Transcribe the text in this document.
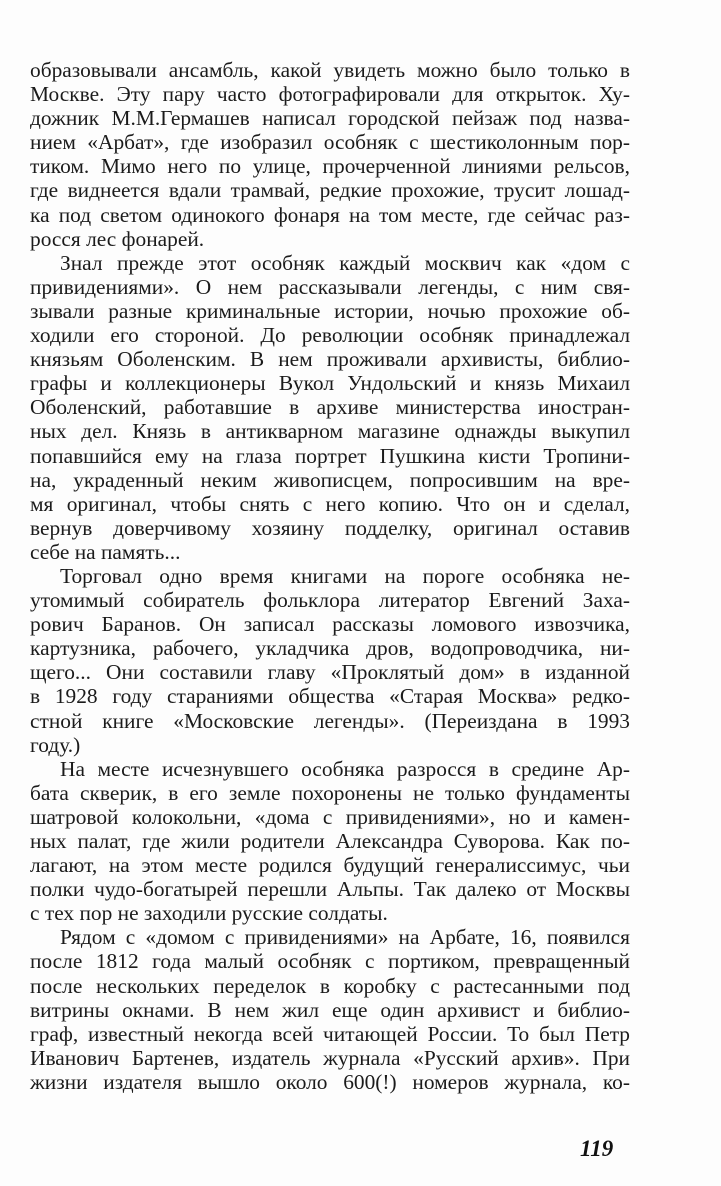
образовывали ансамбль, какой увидеть можно было только в
Москве. Эту пару часто фотографировали для открыток. Ху-
дожник М.М.Гермашев написал городской пейзаж под назва-
нием «Арбат», где изобразил особняк с шестиколонным пор-
тиком. Мимо него по улице, прочерченной линиями рельсов,
где виднеется вдали трамвай, редкие прохожие, трусит лошад-
ка под светом одинокого фонаря на том месте, где сейчас раз-
росся лес фонарей.
Знал прежде этот особняк каждый москвич как «дом с
привидениями». О нем рассказывали легенды, с ним свя-
зывали разные криминальные истории, ночью прохожие об-
ходили его стороной. До революции особняк принадлежал
князьям Оболенским. В нем проживали архивисты, библио-
графы и коллекционеры Вукол Ундольский и князь Михаил
Оболенский, работавшие в архиве министерства иностран-
ных дел. Князь в антикварном магазине однажды выкупил
попавшийся ему на глаза портрет Пушкина кисти Тропини-
на, украденный неким живописцем, попросившим на вре-
мя оригинал, чтобы снять с него копию. Что он и сделал,
вернув доверчивому хозяину подделку, оригинал оставив
себе на память...
Торговал одно время книгами на пороге особняка не-
утомимый собиратель фольклора литератор Евгений Заха-
рович Баранов. Он записал рассказы ломового извозчика,
картузника, рабочего, укладчика дров, водопроводчика, ни-
щего... Они составили главу «Проклятый дом» в изданной
в 1928 году стараниями общества «Старая Москва» редко-
стной книге «Московские легенды». (Переиздана в 1993
году.)
На месте исчезнувшего особняка разросся в средине Ар-
бата скверик, в его земле похоронены не только фундаменты
шатровой колокольни, «дома с привидениями», но и камен-
ных палат, где жили родители Александра Суворова. Как по-
лагают, на этом месте родился будущий генералиссимус, чьи
полки чудо-богатырей перешли Альпы. Так далеко от Москвы
с тех пор не заходили русские солдаты.
Рядом с «домом с привидениями» на Арбате, 16, появился
после 1812 года малый особняк с портиком, превращенный
после нескольких переделок в коробку с растесанными под
витрины окнами. В нем жил еще один архивист и библио-
граф, известный некогда всей читающей России. То был Петр
Иванович Бартенев, издатель журнала «Русский архив». При
жизни издателя вышло около 600(!) номеров журнала, ко-
119
